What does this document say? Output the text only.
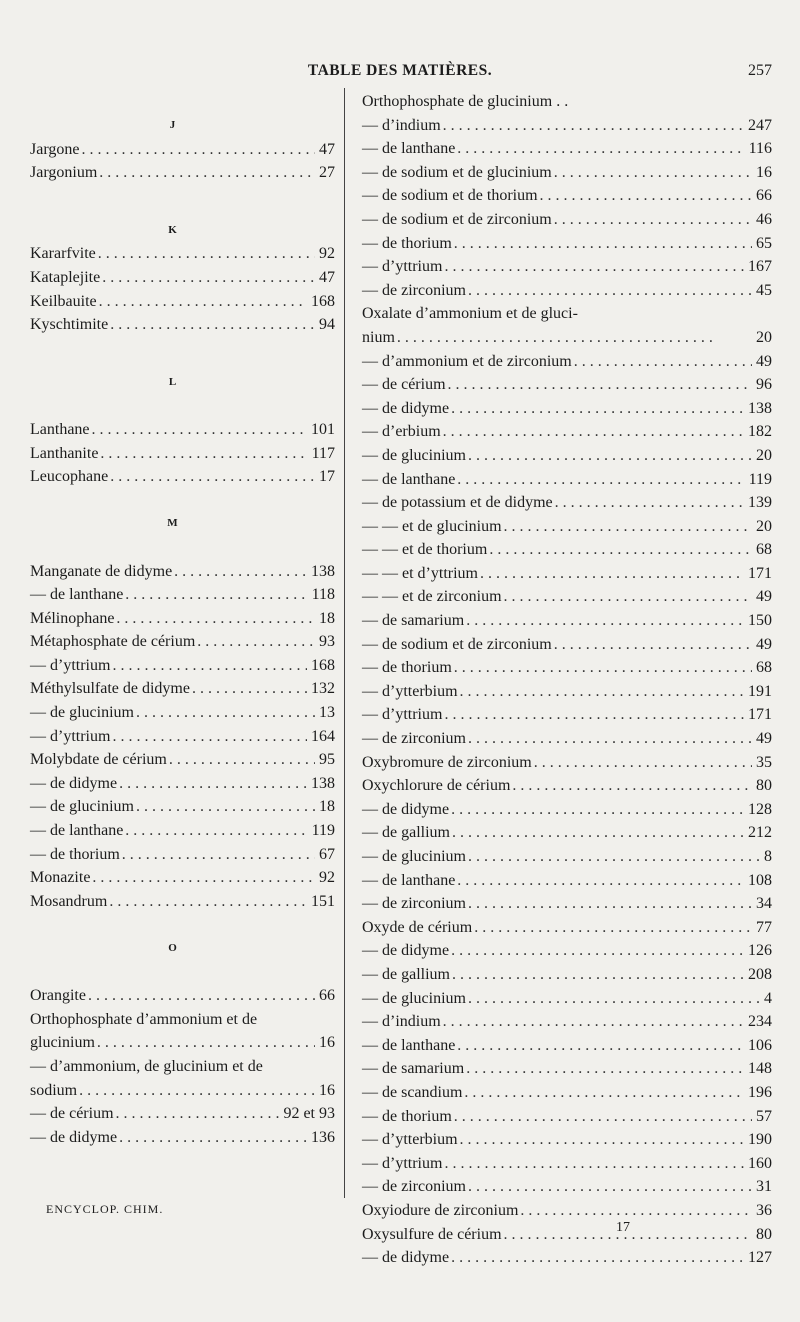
TABLE DES MATIÈRES.	257
J
Jargone . . .	47
Jargonium . . .	27
K
Kararfvite . . .	92
Kataplejite . . .	47
Keilbauite . . .	168
Kyschtimite . . .	94
L
Lanthane . . .	101
Lanthanite . . .	117
Leucophane . . .	17
M
Manganate de didyme . . .	138
— de lanthane . . .	118
Mélinophane . . .	18
Métaphosphate de cérium . . .	93
— d’yttrium . . .	168
Méthylsulfate de didyme . . .	132
— de glucinium . . .	13
— d’yttrium . . .	164
Molybdate de cérium . . .	95
— de didyme . . .	138
— de glucinium . . .	18
— de lanthane . . .	119
— de thorium . . .	67
Monazite . . .	92
Mosandrum . . .	151
O
Orangite . . .	66
Orthophosphate d’ammonium et de
glucinium . . .	16
— d’ammonium, de glucinium et de
sodium . . .	16
— de cérium . . .	92 et 93
— de didyme . . .	136
Orthophosphate de glucinium . .
— d’indium . . .	247
— de lanthane . . .	116
— de sodium et de glucinium . . .	16
— de sodium et de thorium . . .	66
— de sodium et de zirconium . . .	46
— de thorium . . .	65
— d’yttrium . . .	167
— de zirconium . . .	45
Oxalate d’ammonium et de gluci-
nium . . .	20
— d’ammonium et de zirconium . . .	49
— de cérium . . .	96
— de didyme . . .	138
— d’erbium . . .	182
— de glucinium . . .	20
— de lanthane . . .	119
— de potassium et de didyme . . .	139
— — et de glucinium . . .	20
— — et de thorium . . .	68
— — et d’yttrium . . .	171
— — et de zirconium . . .	49
— de samarium . . .	150
— de sodium et de zirconium . . .	49
— de thorium . . .	68
— d’ytterbium . . .	191
— d’yttrium . . .	171
— de zirconium . . .	49
Oxybromure de zirconium . . .	35
Oxychlorure de cérium . . .	80
— de didyme . . .	128
— de gallium . . .	212
— de glucinium . . .	8
— de lanthane . . .	108
— de zirconium . . .	34
Oxyde de cérium . . .	77
— de didyme . . .	126
— de gallium . . .	208
— de glucinium . . .	4
— d’indium . . .	234
— de lanthane . . .	106
— de samarium . . .	148
— de scandium . . .	196
— de thorium . . .	57
— d’ytterbium . . .	190
— d’yttrium . . .	160
— de zirconium . . .	31
Oxyiodure de zirconium . . .	36
Oxysulfure de cérium . . .	80
— de didyme . . .	127
ENCYCLOP. CHIM.
17
